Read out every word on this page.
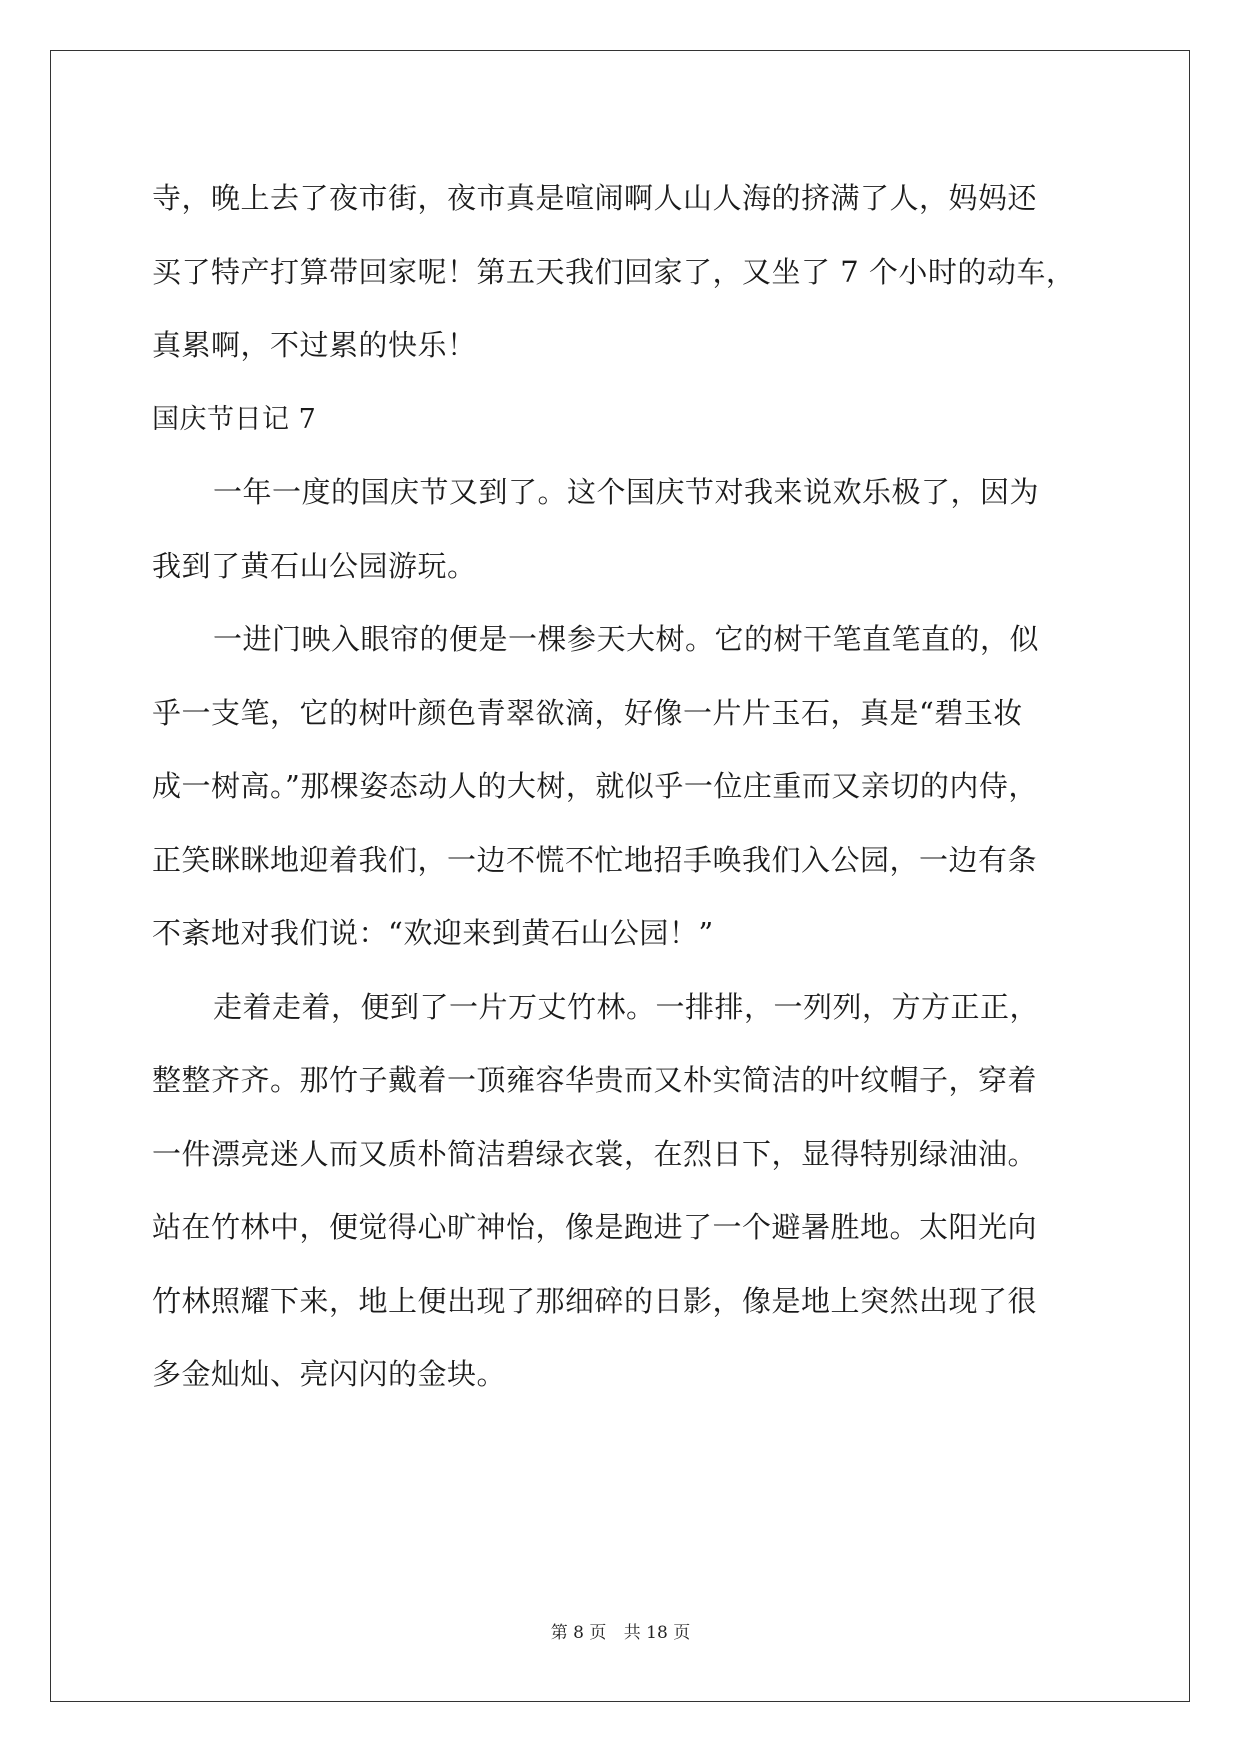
寺，晚上去了夜市街，夜市真是喧闹啊人山人海的挤满了人，妈妈还
买了特产打算带回家呢！第五天我们回家了，又坐了 7 个小时的动车，
真累啊，不过累的快乐！
国庆节日记 7
一年一度的国庆节又到了。这个国庆节对我来说欢乐极了，因为
我到了黄石山公园游玩。
一进门映入眼帘的便是一棵参天大树。它的树干笔直笔直的，似
乎一支笔，它的树叶颜色青翠欲滴，好像一片片玉石，真是“碧玉妆
成一树高。”那棵姿态动人的大树，就似乎一位庄重而又亲切的内侍，
正笑眯眯地迎着我们，一边不慌不忙地招手唤我们入公园，一边有条
不紊地对我们说：“欢迎来到黄石山公园！”
走着走着，便到了一片万丈竹林。一排排，一列列，方方正正，
整整齐齐。那竹子戴着一顶雍容华贵而又朴实简洁的叶纹帽子，穿着
一件漂亮迷人而又质朴简洁碧绿衣裳，在烈日下，显得特别绿油油。
站在竹林中，便觉得心旷神怡，像是跑进了一个避暑胜地。太阳光向
竹林照耀下来，地上便出现了那细碎的日影，像是地上突然出现了很
多金灿灿、亮闪闪的金块。
第 8 页 共 18 页
